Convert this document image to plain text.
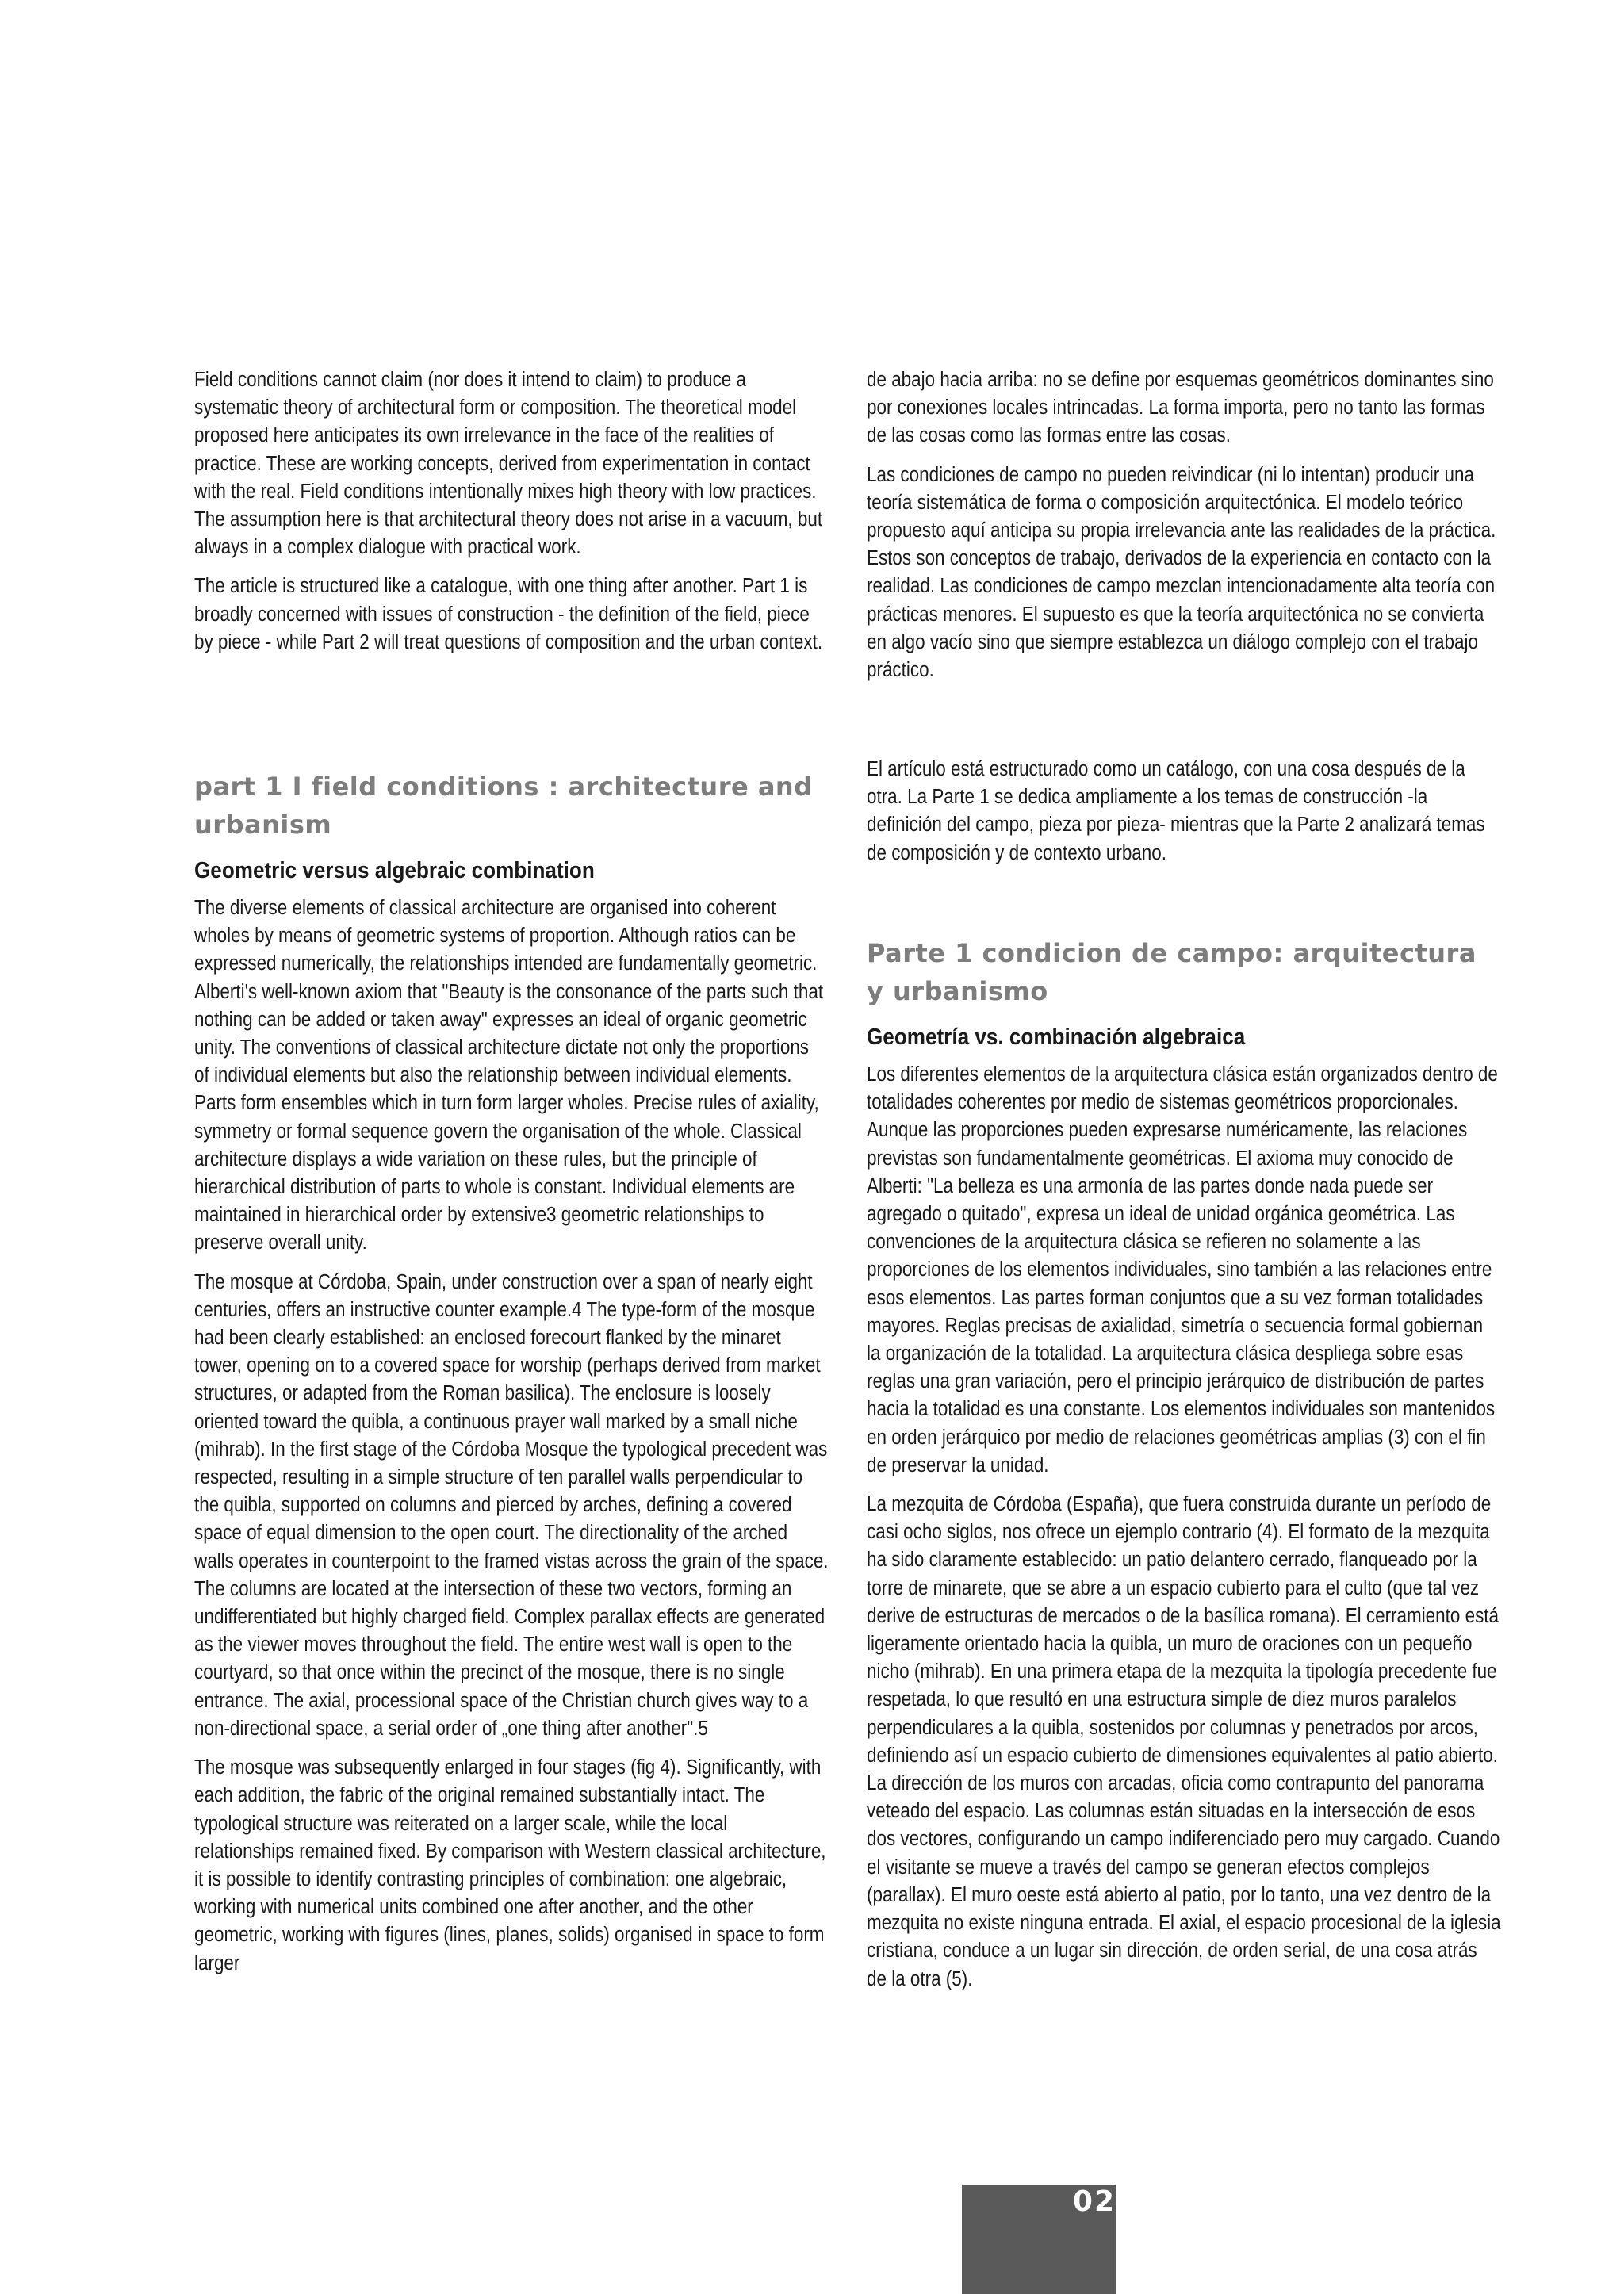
Field conditions cannot claim (nor does it intend to claim) to produce a systematic theory of architectural form or composition. The theoretical model proposed here anticipates its own irrelevance in the face of the realities of practice. These are working concepts, derived from experimentation in contact with the real. Field conditions intentionally mixes high theory with low practices. The assumption here is that architectural theory does not arise in a vacuum, but always in a complex dialogue with practical work.

The article is structured like a catalogue, with one thing after another. Part 1 is broadly concerned with issues of construction - the definition of the field, piece by piece - while Part 2 will treat questions of composition and the urban context.

part 1 I field conditions : architecture and urbanism
Geometric versus algebraic combination

The diverse elements of classical architecture are organised into coherent wholes by means of geometric systems of proportion. Although ratios can be expressed numerically, the relationships intended are fundamentally geometric. Alberti's well-known axiom that "Beauty is the consonance of the parts such that nothing can be added or taken away" expresses an ideal of organic geometric unity. The conventions of classical architecture dictate not only the proportions of individual elements but also the relationship between individual elements. Parts form ensembles which in turn form larger wholes. Precise rules of axiality, symmetry or formal sequence govern the organisation of the whole. Classical architecture displays a wide variation on these rules, but the principle of hierarchical distribution of parts to whole is constant. Individual elements are maintained in hierarchical order by extensive3 geometric relationships to preserve overall unity.

The mosque at Córdoba, Spain, under construction over a span of nearly eight centuries, offers an instructive counter example.4 The type-form of the mosque had been clearly established: an enclosed forecourt flanked by the minaret tower, opening on to a covered space for worship (perhaps derived from market structures, or adapted from the Roman basilica). The enclosure is loosely oriented toward the quibla, a continuous prayer wall marked by a small niche (mihrab). In the first stage of the Córdoba Mosque the typological precedent was respected, resulting in a simple structure of ten parallel walls perpendicular to the quibla, supported on columns and pierced by arches, defining a covered space of equal dimension to the open court. The directionality of the arched walls operates in counterpoint to the framed vistas across the grain of the space. The columns are located at the intersection of these two vectors, forming an undifferentiated but highly charged field. Complex parallax effects are generated as the viewer moves throughout the field. The entire west wall is open to the courtyard, so that once within the precinct of the mosque, there is no single entrance. The axial, processional space of the Christian church gives way to a non-directional space, a serial order of „one thing after another".5

The mosque was subsequently enlarged in four stages (fig 4). Significantly, with each addition, the fabric of the original remained substantially intact. The typological structure was reiterated on a larger scale, while the local relationships remained fixed. By comparison with Western classical architecture, it is possible to identify contrasting principles of combination: one algebraic, working with numerical units combined one after another, and the other geometric, working with figures (lines, planes, solids) organised in space to form larger

de abajo hacia arriba: no se define por esquemas geométricos dominantes sino por conexiones locales intrincadas. La forma importa, pero no tanto las formas de las cosas como las formas entre las cosas.

Las condiciones de campo no pueden reivindicar (ni lo intentan) producir una teoría sistemática de forma o composición arquitectónica. El modelo teórico propuesto aquí anticipa su propia irrelevancia ante las realidades de la práctica. Estos son conceptos de trabajo, derivados de la experiencia en contacto con la realidad. Las condiciones de campo mezclan intencionadamente alta teoría con prácticas menores. El supuesto es que la teoría arquitectónica no se convierta en algo vacío sino que siempre establezca un diálogo complejo con el trabajo práctico.

El artículo está estructurado como un catálogo, con una cosa después de la otra. La Parte 1 se dedica ampliamente a los temas de construcción -la definición del campo, pieza por pieza- mientras que la Parte 2 analizará temas de composición y de contexto urbano.

Parte 1 condicion de campo: arquitectura y urbanismo
Geometría vs. combinación algebraica

Los diferentes elementos de la arquitectura clásica están organizados dentro de totalidades coherentes por medio de sistemas geométricos proporcionales. Aunque las proporciones pueden expresarse numéricamente, las relaciones previstas son fundamentalmente geométricas. El axioma muy conocido de Alberti: "La belleza es una armonía de las partes donde nada puede ser agregado o quitado", expresa un ideal de unidad orgánica geométrica. Las convenciones de la arquitectura clásica se refieren no solamente a las proporciones de los elementos individuales, sino también a las relaciones entre esos elementos. Las partes forman conjuntos que a su vez forman totalidades mayores. Reglas precisas de axialidad, simetría o secuencia formal gobiernan la organización de la totalidad. La arquitectura clásica despliega sobre esas reglas una gran variación, pero el principio jerárquico de distribución de partes hacia la totalidad es una constante. Los elementos individuales son mantenidos en orden jerárquico por medio de relaciones geométricas amplias (3) con el fin de preservar la unidad.

La mezquita de Córdoba (España), que fuera construida durante un período de casi ocho siglos, nos ofrece un ejemplo contrario (4). El formato de la mezquita ha sido claramente establecido: un patio delantero cerrado, flanqueado por la torre de minarete, que se abre a un espacio cubierto para el culto (que tal vez derive de estructuras de mercados o de la basílica romana). El cerramiento está ligeramente orientado hacia la quibla, un muro de oraciones con un pequeño nicho (mihrab). En una primera etapa de la mezquita la tipología precedente fue respetada, lo que resultó en una estructura simple de diez muros paralelos perpendiculares a la quibla, sostenidos por columnas y penetrados por arcos, definiendo así un espacio cubierto de dimensiones equivalentes al patio abierto. La dirección de los muros con arcadas, oficia como contrapunto del panorama veteado del espacio. Las columnas están situadas en la intersección de esos dos vectores, configurando un campo indiferenciado pero muy cargado. Cuando el visitante se mueve a través del campo se generan efectos complejos (parallax). El muro oeste está abierto al patio, por lo tanto, una vez dentro de la mezquita no existe ninguna entrada. El axial, el espacio procesional de la iglesia cristiana, conduce a un lugar sin dirección, de orden serial, de una cosa atrás de la otra (5).

02
